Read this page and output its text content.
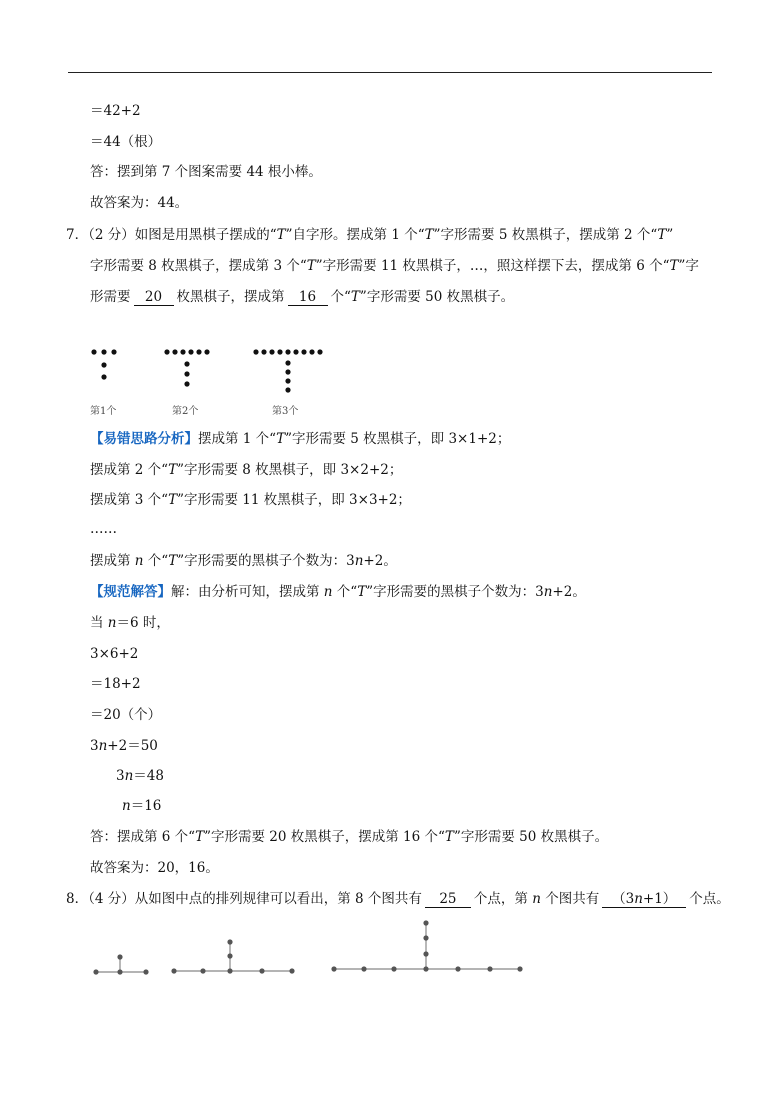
＝42+2
＝44（根）
答：摆到第 7 个图案需要 44 根小棒。
故答案为：44。
7．（2 分）如图是用黑棋子摆成的“T”自字形。摆成第 1 个“T”字形需要 5 枚黑棋子，摆成第 2 个“T”
字形需要 8 枚黑棋子，摆成第 3 个“T”字形需要 11 枚黑棋子，…，照这样摆下去，摆成第 6 个“T”字
形需要 20 枚黑棋子，摆成第 16 个“T”字形需要 50 枚黑棋子。
第1个	第2个	第3个
【易错思路分析】摆成第 1 个“T”字形需要 5 枚黑棋子，即 3×1+2；
摆成第 2 个“T”字形需要 8 枚黑棋子，即 3×2+2；
摆成第 3 个“T”字形需要 11 枚黑棋子，即 3×3+2；
……
摆成第 n 个“T”字形需要的黑棋子个数为：3n+2。
【规范解答】解：由分析可知，摆成第 n 个“T”字形需要的黑棋子个数为：3n+2。
当 n＝6 时，
3×6+2
＝18+2
＝20（个）
3n+2＝50
3n＝48
n＝16
答：摆成第 6 个“T”字形需要 20 枚黑棋子，摆成第 16 个“T”字形需要 50 枚黑棋子。
故答案为：20，16。
8．（4 分）从如图中点的排列规律可以看出，第 8 个图共有 25 个点，第 n 个图共有 （3n+1） 个点。
